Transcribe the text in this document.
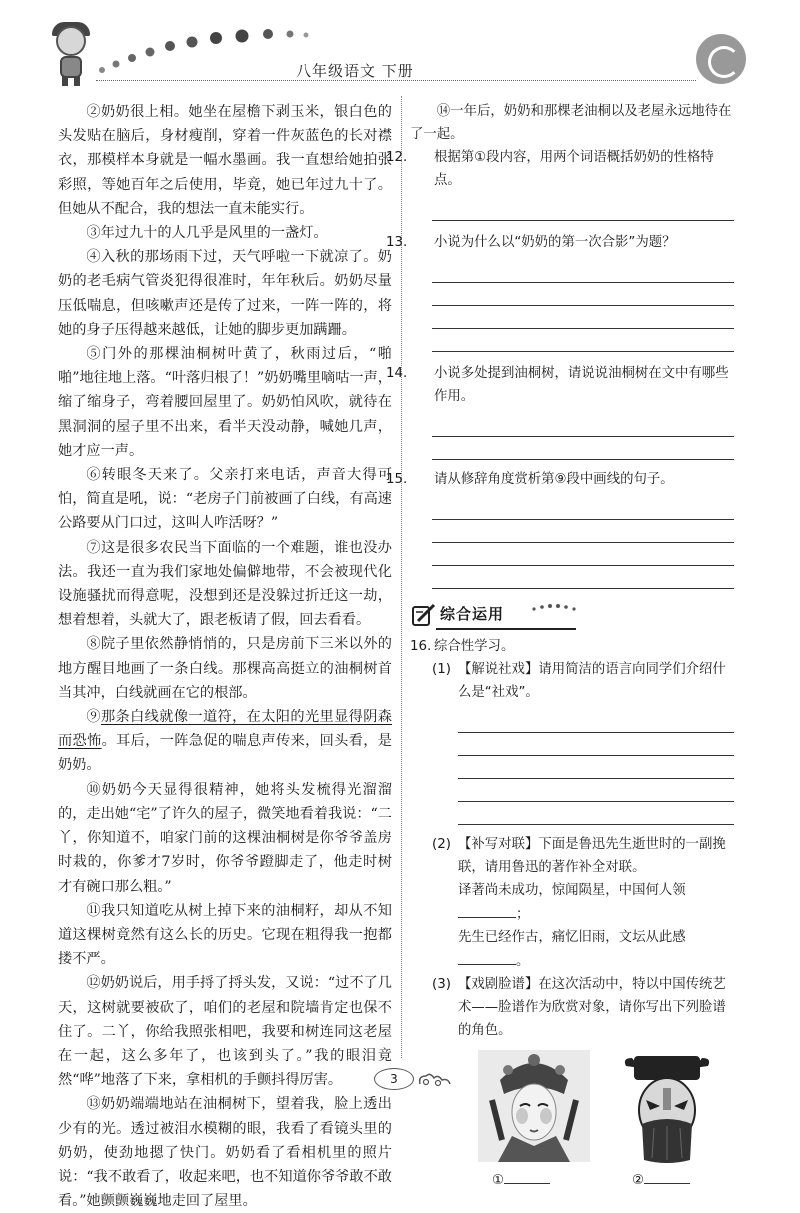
八年级语文 下册

②奶奶很上相。她坐在屋檐下剥玉米，银白色的头发贴在脑后，身材瘦削，穿着一件灰蓝色的长对襟衣，那模样本身就是一幅水墨画。我一直想给她拍张彩照，等她百年之后使用，毕竟，她已年过九十了。但她从不配合，我的想法一直未能实行。

③年过九十的人几乎是风里的一盏灯。

④入秋的那场雨下过，天气呼啦一下就凉了。奶奶的老毛病气管炎犯得很准时，年年秋后。奶奶尽量压低喘息，但咳嗽声还是传了过来，一阵一阵的，将她的身子压得越来越低，让她的脚步更加蹒跚。

⑤门外的那棵油桐树叶黄了，秋雨过后，“啪啪”地往地上落。“叶落归根了！”奶奶嘴里嘀咕一声，缩了缩身子，弯着腰回屋里了。奶奶怕风吹，就待在黑洞洞的屋子里不出来，看半天没动静，喊她几声，她才应一声。

⑥转眼冬天来了。父亲打来电话，声音大得可怕，简直是吼，说：“老房子门前被画了白线，有高速公路要从门口过，这叫人咋活呀？”

⑦这是很多农民当下面临的一个难题，谁也没办法。我还一直为我们家地处偏僻地带，不会被现代化设施骚扰而得意呢，没想到还是没躲过折迁这一劫，想着想着，头就大了，跟老板请了假，回去看看。

⑧院子里依然静悄悄的，只是房前下三米以外的地方醒目地画了一条白线。那棵高高挺立的油桐树首当其冲，白线就画在它的根部。

⑨那条白线就像一道符，在太阳的光里显得阴森而恐怖。耳后，一阵急促的喘息声传来，回头看，是奶奶。

⑩奶奶今天显得很精神，她将头发梳得光溜溜的，走出她“宅”了许久的屋子，微笑地看着我说：“二丫，你知道不，咱家门前的这棵油桐树是你爷爷盖房时栽的，你爹才7岁时，你爷爷蹬脚走了，他走时树才有碗口那么粗。”

⑪我只知道吃从树上掉下来的油桐籽，却从不知道这棵树竟然有这么长的历史。它现在粗得我一抱都搂不严。

⑫奶奶说后，用手捋了捋头发，又说：“过不了几天，这树就要被砍了，咱们的老屋和院墙肯定也保不住了。二丫，你给我照张相吧，我要和树连同这老屋在一起，这么多年了，也该到头了。”我的眼泪竟然“哗”地落了下来，拿相机的手颤抖得厉害。

⑬奶奶端端地站在油桐树下，望着我，脸上透出少有的光。透过被泪水模糊的眼，我看了看镜头里的奶奶，使劲地摁了快门。奶奶看了看相机里的照片说：“我不敢看了，收起来吧，也不知道你爷爷敢不敢看。”她颤颤巍巍地走回了屋里。

⑭一年后，奶奶和那棵老油桐以及老屋永远地待在了一起。
12. 根据第①段内容，用两个词语概括奶奶的性格特点。
13. 小说为什么以“奶奶的第一次合影”为题？
14. 小说多处提到油桐树，请说说油桐树在文中有哪些作用。
15. 请从修辞角度赏析第⑨段中画线的句子。
综合运用
16. 综合性学习。
(1) 【解说社戏】请用简洁的语言向同学们介绍什么是“社戏”。
(2) 【补写对联】下面是鲁迅先生逝世时的一副挽联，请用鲁迅的著作补全对联。
译著尚未成功，惊闻陨星，中国何人领；
先生已经作古，痛忆旧雨，文坛从此感。
(3) 【戏剧脸谱】在这次活动中，特以中国传统艺术——脸谱作为欣赏对象，请你写出下列脸谱的角色。
①	②
3
